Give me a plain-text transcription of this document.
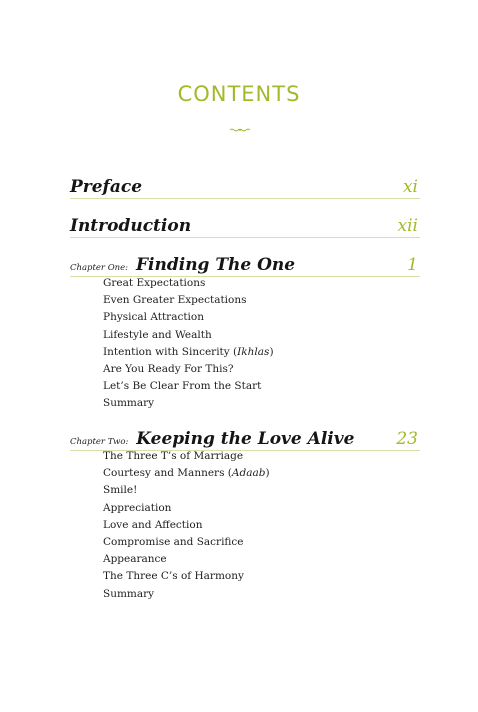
CONTENTS
Preface	xi
Introduction	xii
Chapter One: Finding The One	1
Great Expectations
Even Greater Expectations
Physical Attraction
Lifestyle and Wealth
Intention with Sincerity (Ikhlas)
Are You Ready For This?
Let’s Be Clear From the Start
Summary
Chapter Two: Keeping the Love Alive 23
The Three T’s of Marriage
Courtesy and Manners (Adaab)
Smile!
Appreciation
Love and Affection
Compromise and Sacrifice
Appearance
The Three C’s of Harmony
Summary
